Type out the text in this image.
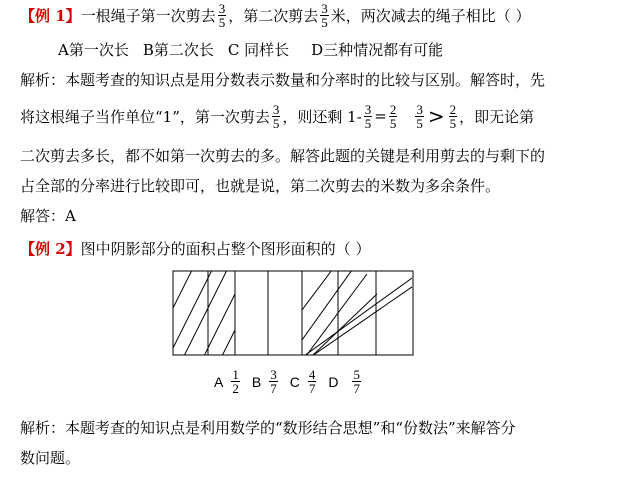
【例 1】 一根绳子第一次剪去 $\frac{3}{5}$ ，第二次剪去 $\frac{3}{5}$ 米，两次减去的绳子相比（ ）
A第一次长 B第二次长 C 同样长 D三种情况都有可能
解析：本题考查的知识点是用分数表示数量和分率时的比较与区别。解答时，先
将这根绳子当作单位“1”，第一次剪去 $\frac{3}{5}$ ，则还剩 $1- \frac{3}{5} = \frac{2}{5} \frac{3}{5} > \frac{2}{5}$ ，即无论第
二次剪去多长，都不如第一次剪去的多。解答此题的关键是利用剪去的与剩下的
占全部的分率进行比较即可，也就是说，第二次剪去的米数为多余条件。
解答：A
【例 2】 图中阴影部分的面积占整个图形面积的（ ）
A $\frac{1}{2}$ B $\frac{3}{7}$ C $\frac{4}{7}$ D $\frac{5}{7}$
解析：本题考查的知识点是利用数学的“数形结合思想”和“份数法”来解答分
数问题。
